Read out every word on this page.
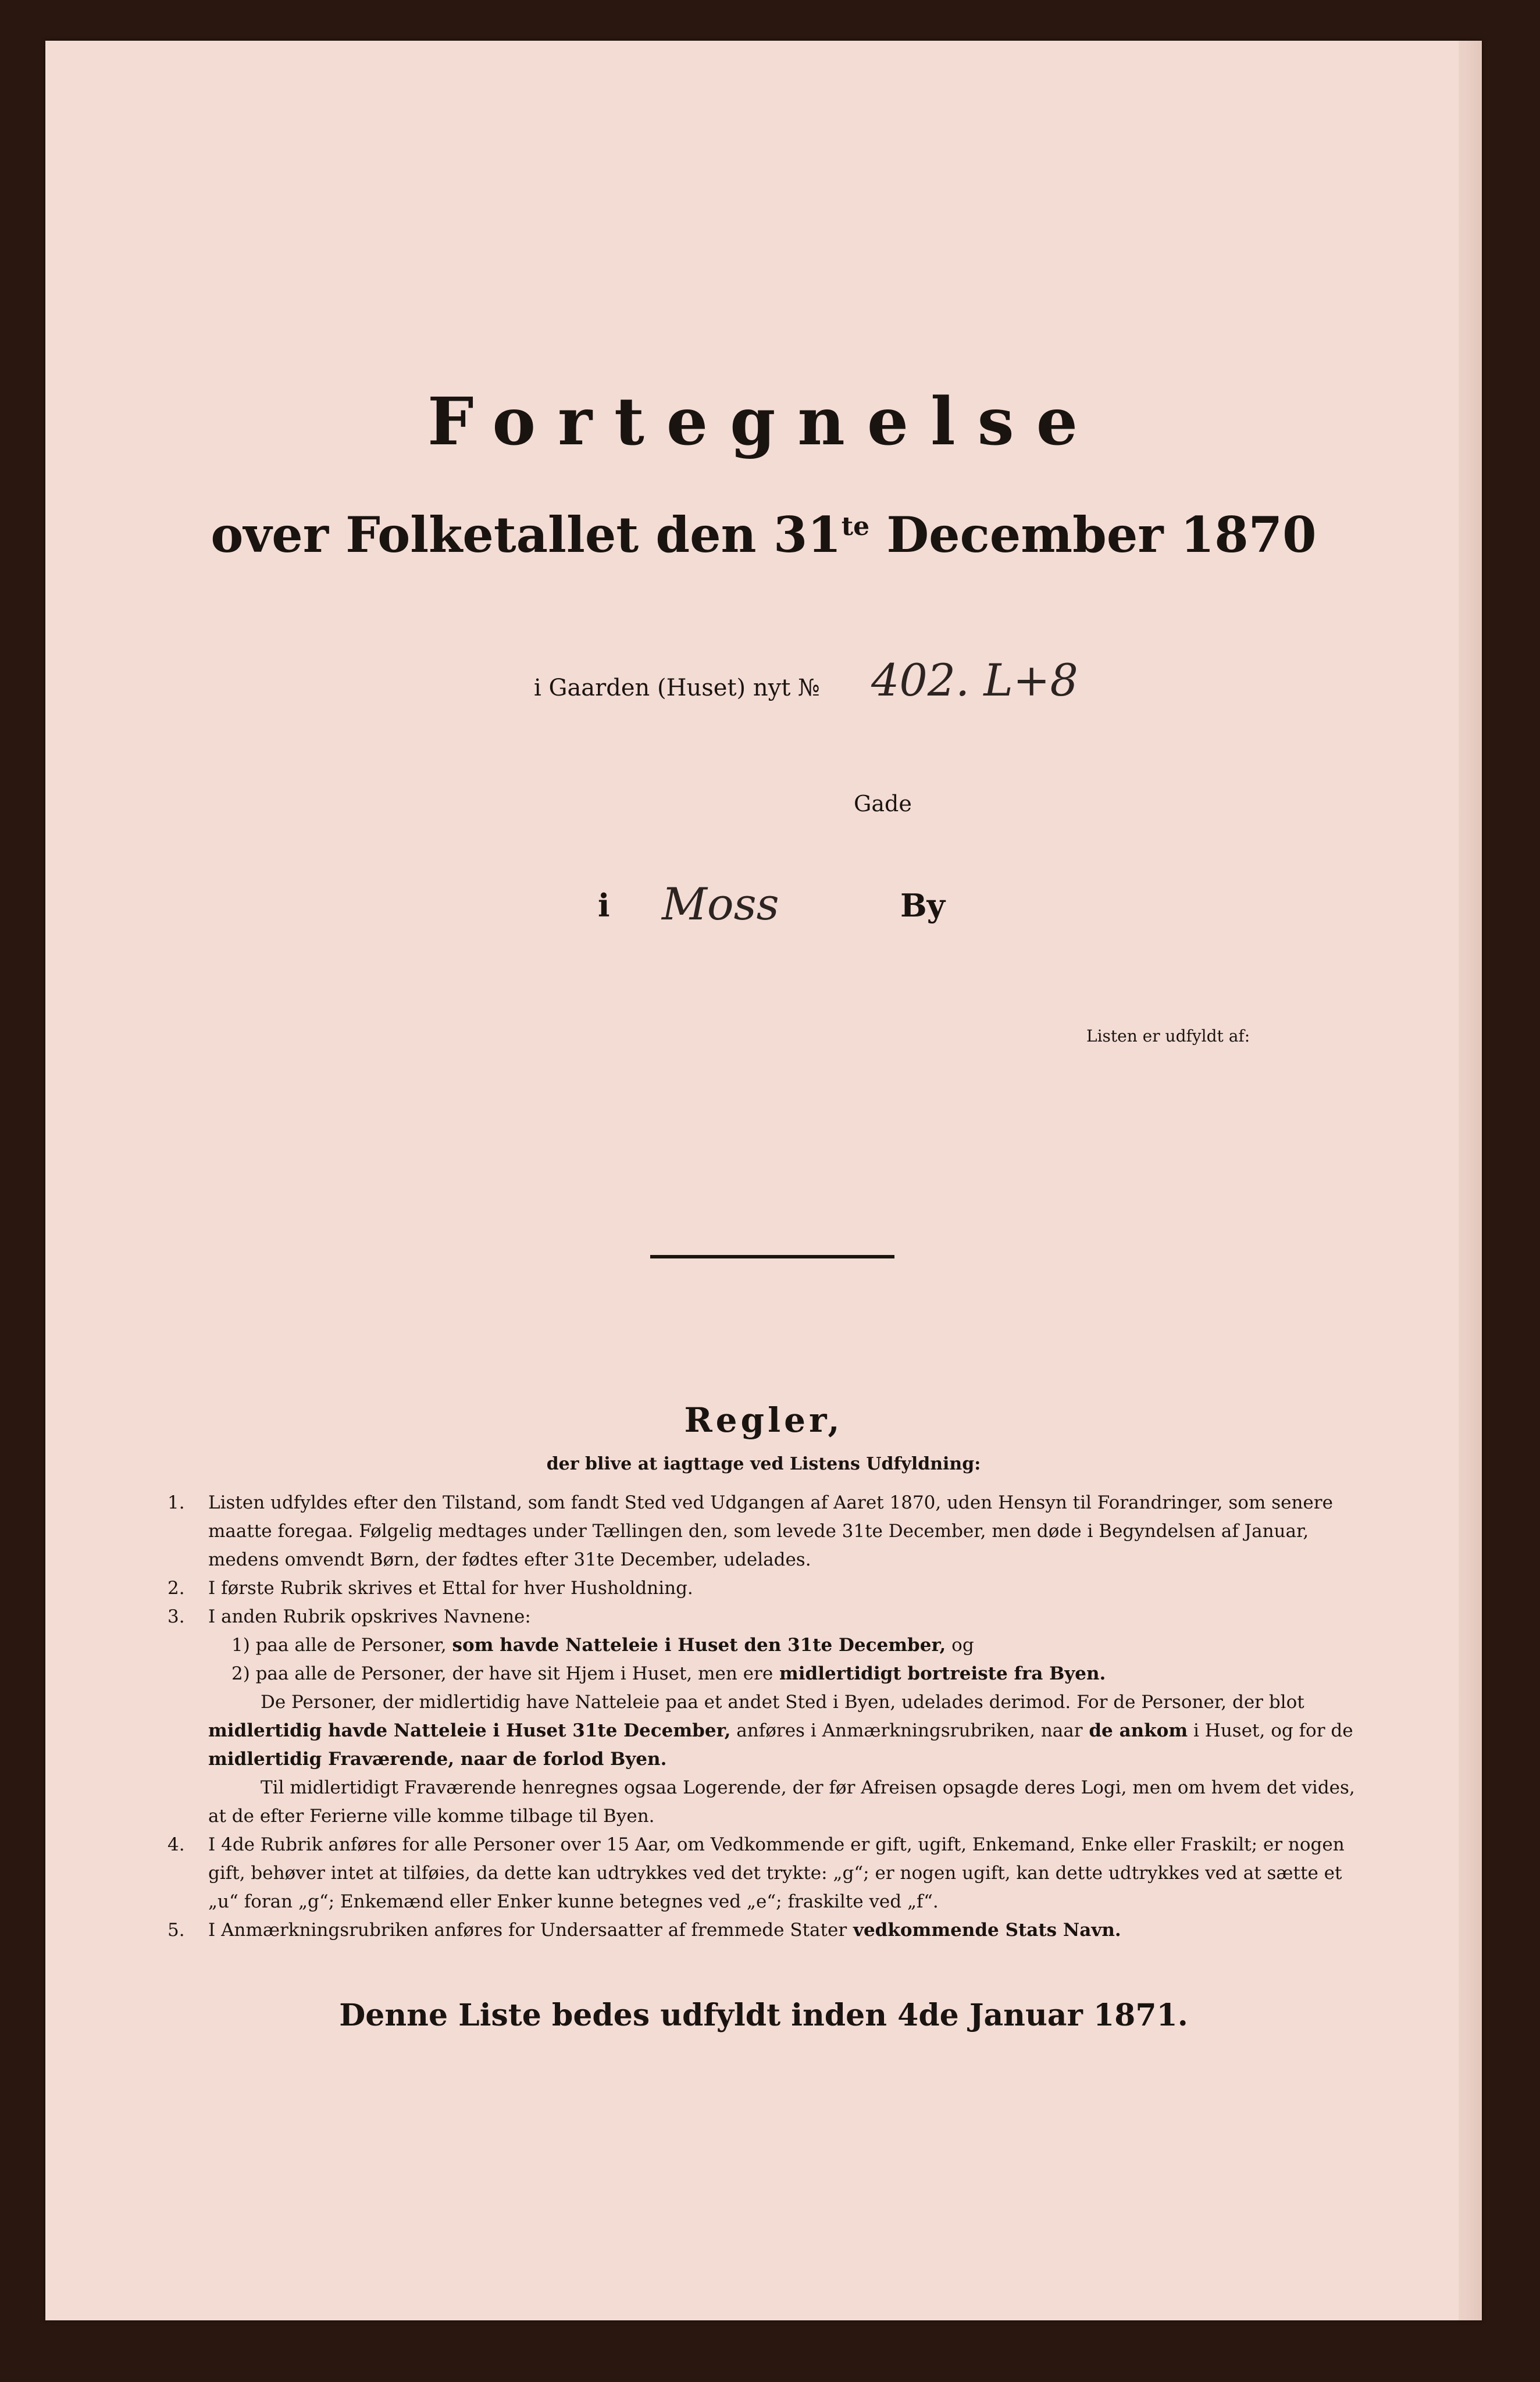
Fortegnelse
over Folketallet den $31^{te}$ December 1870
i Gaarden (Huset) nyt № 402. L+8
Gade
i Moss	By
Listen er udfyldt af:
Regler,
der blive at iagttage ved Listens Udfyldning:
1. Listen udfyldes efter den Tilstand, som fandt Sted ved Udgangen af Aaret 1870, uden Hensyn til Forandringer, som senere maatte foregaa. Følgelig medtages under Tællingen den, som levede 31te December, men døde i Begyndelsen af Januar, medens omvendt Børn, der fødtes efter 31te December, udelades.
2. I første Rubrik skrives et Ettal for hver Husholdning.
3. I anden Rubrik opskrives Navnene:
1) paa alle de Personer, som havde Natteleie i Huset den 31te December, og
2) paa alle de Personer, der have sit Hjem i Huset, men ere midlertidigt bortreiste fra Byen.
De Personer, der midlertidig have Natteleie paa et andet Sted i Byen, udelades derimod. For de Personer, der blot midlertidig havde Natteleie i Huset 31te December, anføres i Anmærkningsrubriken, naar de ankom i Huset, og for de midlertidig Fraværende, naar de forlod Byen.
Til midlertidigt Fraværende henregnes ogsaa Logerende, der før Afreisen opsagde deres Logi, men om hvem det vides, at de efter Ferierne ville komme tilbage til Byen.
4. I 4de Rubrik anføres for alle Personer over 15 Aar, om Vedkommende er gift, ugift, Enkemand, Enke eller Fraskilt; er nogen gift, behøver intet at tilføies, da dette kan udtrykkes ved det trykte: „g“; er nogen ugift, kan dette udtrykkes ved at sætte et „u“ foran „g“; Enkemænd eller Enker kunne betegnes ved „e“; fraskilte ved „f“.
5. I Anmærkningsrubriken anføres for Undersaatter af fremmede Stater vedkommende Stats Navn.
Denne Liste bedes udfyldt inden 4de Januar 1871.
